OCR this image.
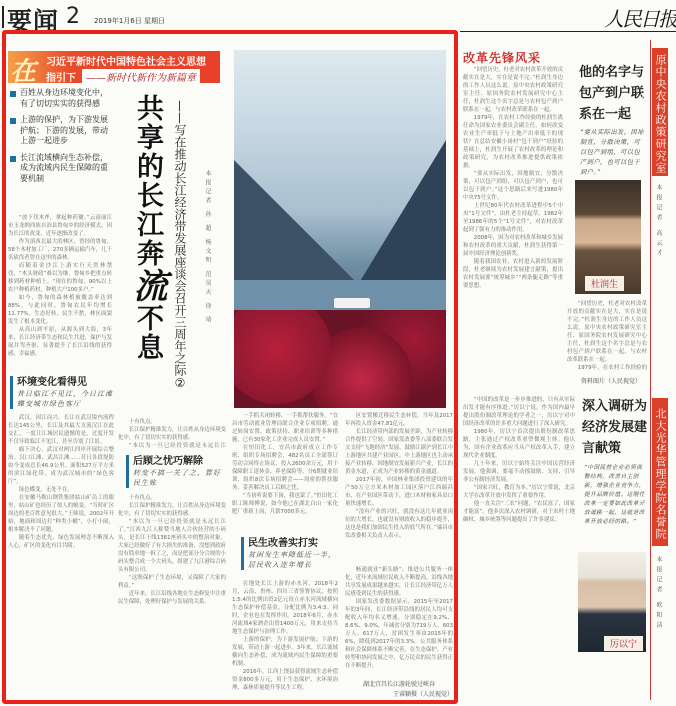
要闻 2 2019年1月6日 星期日	人民日报
在 习近平新时代中国特色社会主义思想
指引下	——新时代新作为新篇章
百姓从身边环境变化中，有了切切实实的获得感
上游的保护，为下游发展护航；下游的发展，带动上游一起进步
长江流域横向生态补偿，成为流域内民生保障的重要机制	共享的长江奔流不息 ——写在推动长江经济带发展座谈会召开三周年之际②	本报记者 孙 超 杨文明 范昊天 徐 靖

“放下伐木斧，拿起种药锄。”云南丽江市玉龙纳西族自治县鲁甸乡的经济模式，因为长江的改变，近年逐渐改变了。

作为滇西北最大的林区，曾经的鲁甸，58个木材加工厂、270多辆运输汽车，几千名砍伐者曾在这里的森林。

而随着金沙江上游实行天然林禁伐，“木头财政”难以为继，鲁甸乡把重点转移到药材种植上。“现在的鲁甸，90%以上农户种植药材，种植大户100多户。”

如今，鲁甸的森林植被覆盖率达到88%。与此同时，鲁甸农民年均增长11.77%。生态好转，民生不愁，林区面貌发生了根本变化。

从高山到平原，从源头到大海，3年来，长江经济带生态和民生共进，保护与发展并驾齐驱，显著提升了长江沿线的获得感、幸福感。

环境变化看得见
昔日临江不见江，今日江滩蝶变城市绿色客厅

武汉，因江而兴。长江在武汉境内流程长达145公里，长江及其最大支流汉江在此交汇。一度让江城居民遗憾的是，过度开发不仅导致临江不见江，甚至告别了江景。

痛下决心，武汉对两江四岸开展综合整治。汉口江滩、武昌江滩……昔日各段堤防如今变成总长46.9公里、面积527万平方米的滨江绿化带，成为武汉城市的“绿色客厅”。

绿色蝶变，无处不在。

在安徽马鞍山钢铁集团姑山矿员工的眼里，姑山矿也经历了惊人的蜕变。“当时矿区周边的老百姓意见很大。”王师说，2002年开始，地面和周边打“种类小桶”，小打小闹，根本解决不了问题。

随着生态优先、绿色发展理念不断深入人心，矿区的变化有目共睹。

十有仇点。

长江保护精准发力，让百姓从身边环境变化中，有了切切实实的获得感。

“本以为一旦已经投资就是永远长江

后顾之忧巧解除
转变不搞一关了之，算好民生账

十有仇点。

长江保护精准发力，让百姓从身边环境变化中，有了切切实实的获得感。

“本以为一旦已经投资就是永远长江了。”江西九江人称赞当地人合伙经营的小码头，是长江干线1361座码头中的整治对象。大家已经做好了有大损失的准备，没想到政府没有简单地一拆了之，而是把部分分合规的小码头整合成一个大码头，组建了九江港综合码头有限公司。

“这既保护了生态环境，又保障了大家的利益。”

近年来，长江沿线各地在生态修复中注重民生保障，处理好保护与发展的关系。

一手抓关闭转移，一手抓帮扶服务。“宜昌市劳动就业管理局联合企业专项招聘，通过转岗安置、政策扶持、职业培训等多种措施，已有30家化工企业完成人员安置。”

在恒田化工，宜昌市政府成立工作专班，组织专场招聘会，482名员工全部签订劳动合同终止协议，投入2600余万元，用于保障职工退休金、养老保险等，分6期就业培训，组织8次专场招聘会——周密的帮扶服务，妥善解决员工后顾之忧。

“当初听说要下岗，我也蒙了。”恒田化工职工陈师傅说，如今他已在湖北白山一家化肥厂重新上岗，月薪7000多元。

民生改善实打实
贫困发生率降低近一半，居民收入连年增长

在地处长江上游的赤水河，2018年2月，云南、贵州、四川三省签署协议，按照1:5:4的比例出资2亿元设立赤水河流域横向生态保护补偿基金，分配比例为3:4:3。同时，企业也在发挥作用。2018年6月，赤水河流域4家酒企出资1400万元，用来支持当地生态保护与治理工作。

上游的保护，为下游发展护航；下游的发展，带动上游一起进步。3年来，长江流域横向生态补偿，成为流域内民生保障的重要机制。

2016年，江西上饶县获得流域生态补偿资金800多万元，用于生态保护、水环境治理、森林质量提升等民生工程。

区安置搬迁移民生态补偿，当年及2017年再投入资金47.81亿元。

长江经济带内部的发展差距，为产业转移合作提供了空间。国家发改委等八部委联合发文支持“飞地经济”发展，鼓励江浙沪到长江中上游地区共建产业园区。中上游地区也主动承接产业转移，因地制宜发展新兴产业，长江的黄金水道，正成为产业转移的黄金通道。

2017年初，中国林业集团投资建设的年产50万立方米木材加工园区落户江西瑞昌市，在产业园区带动下，进口木材和家具出口量快速增长。

“没有产业的兴旺，就没有这几年就业岗位的大增长，也就没有财政收入的稳步提升，这也是我们加固民生投入的底气所在。”瑞昌市发改委相关负责人表示。

畅通就业“新头路”，推进公共服务一体化，近年来流域居民收入不断提高，沿线各地共享发展成果越来越实，让长江经济带亿万人民感受到民生的获得感。

国家发改委数据显示，2015年至2017年的3年间，长江经济带沿线的居民人均可支配收入年均名义增速，分别稳定在9.2%、8.6%、9.0%，年减贫分别为719万人、603万人、617万人，贫困发生率由2015年的6%，降低到2017年的3.3%。公共服务体系和社会保障体系不断完善，在生态保护、产业转型和协同发展之中，亿万民众的民生获得正在不断提升。

湖北宜昌长江游轮驶过峡谷
王睿颖摄（人民视觉）
改革先锋风采

“回望历史，杜老对农村改革开放的贡献实在是大，实在是说不完。”杜润生身边的工作人员这么说。原中央农村政策研究室主任、原国务院农村发展研究中心主任，杜润生这个名字总是与农村包产到户联系在一起，与农村改革联系在一起。

1979年，在农村工作经验的杜润生离任命为国家农业委员会副主任。如何改变农业生产率低下与土地产出率低下的现状？在总结安徽小岗村“包干到户”经验的基础上，杜润生开展了农村改革的理论和政策研究，为农村改革推进提供政策依据。

“要从实际出发，因地制宜，分散决策，可以包产到组，可以包产到户，也可以包干到户。”这个思路后来写进1980年中央75号文件。

上世纪80年代农村改革进程中5个中央“1号文件”，由杜老主持起草。1982年至1986年的5个“1号文件”，对农村改革起到了强有力的推动作用。

2008年，因为对农村改革和城乡发展和农村改革的重大贡献，杜润生获得第一届中国经济理论创新奖。

随着我国农业、农村进入新的发展阶段，杜老继续为农村发展建言献策，提出农村发展要“统筹城乡”“两条腿走路”等重要思想。

他的名字与包产到户联系在一起
“要从实际出发，因地制宜，分散决策，可以包产到组，可以包产到户，也可以包干到户。”
杜润生

“回望历史，杜老对农村改革开放的贡献实在是大，实在是说不完。”杜润生身边的工作人员这么说。原中央农村政策研究室主任、原国务院农村发展研究中心主任，杜润生这个名字总是与农村包产到户联系在一起，与农村改革联系在一起。

1979年，在农村工作经验的

资料图片（人民视觉）
原中央农村政策研究室主任杜润生
本报记者 高云才

“中国的改革是一步步推进的，只有从实际出发才能有序推进。”厉以宁说。作为国内最早提出股份制改革理论的学者之一，厉以宁对中国经济改革的许多重大问题进行了深入研究。

1980年，厉以宁首次提出股份制改革思路，主张通过产权改革重塑微观主体。他认为，国有企业改革应当从产权改革入手，建立现代企业制度。

几十年来，厉以宁始终关注中国民营经济发展。他强调，要毫不动摇鼓励、支持、引导非公有制经济发展。

“国家兴旺，教育为本。”厉以宁常说，北京大学在改革开放中发挥了重要作用。

他一直关注“三农”问题，“农民富了，国家才能富”。他多次深入农村调研，对于农村土地确权、城乡统筹等问题提出了许多建议。

深入调研为经济发展建言献策
“中国民营企业必须调整结构，改善自主创新，增强企业竞争力，提升品牌价值。这刚性改革一定要如此改革开放道路一起，这就是改革开放必经的路。”
厉以宁
北大光华管理学院名誉院长、教授厉以宁
本报记者 欧阳洁
